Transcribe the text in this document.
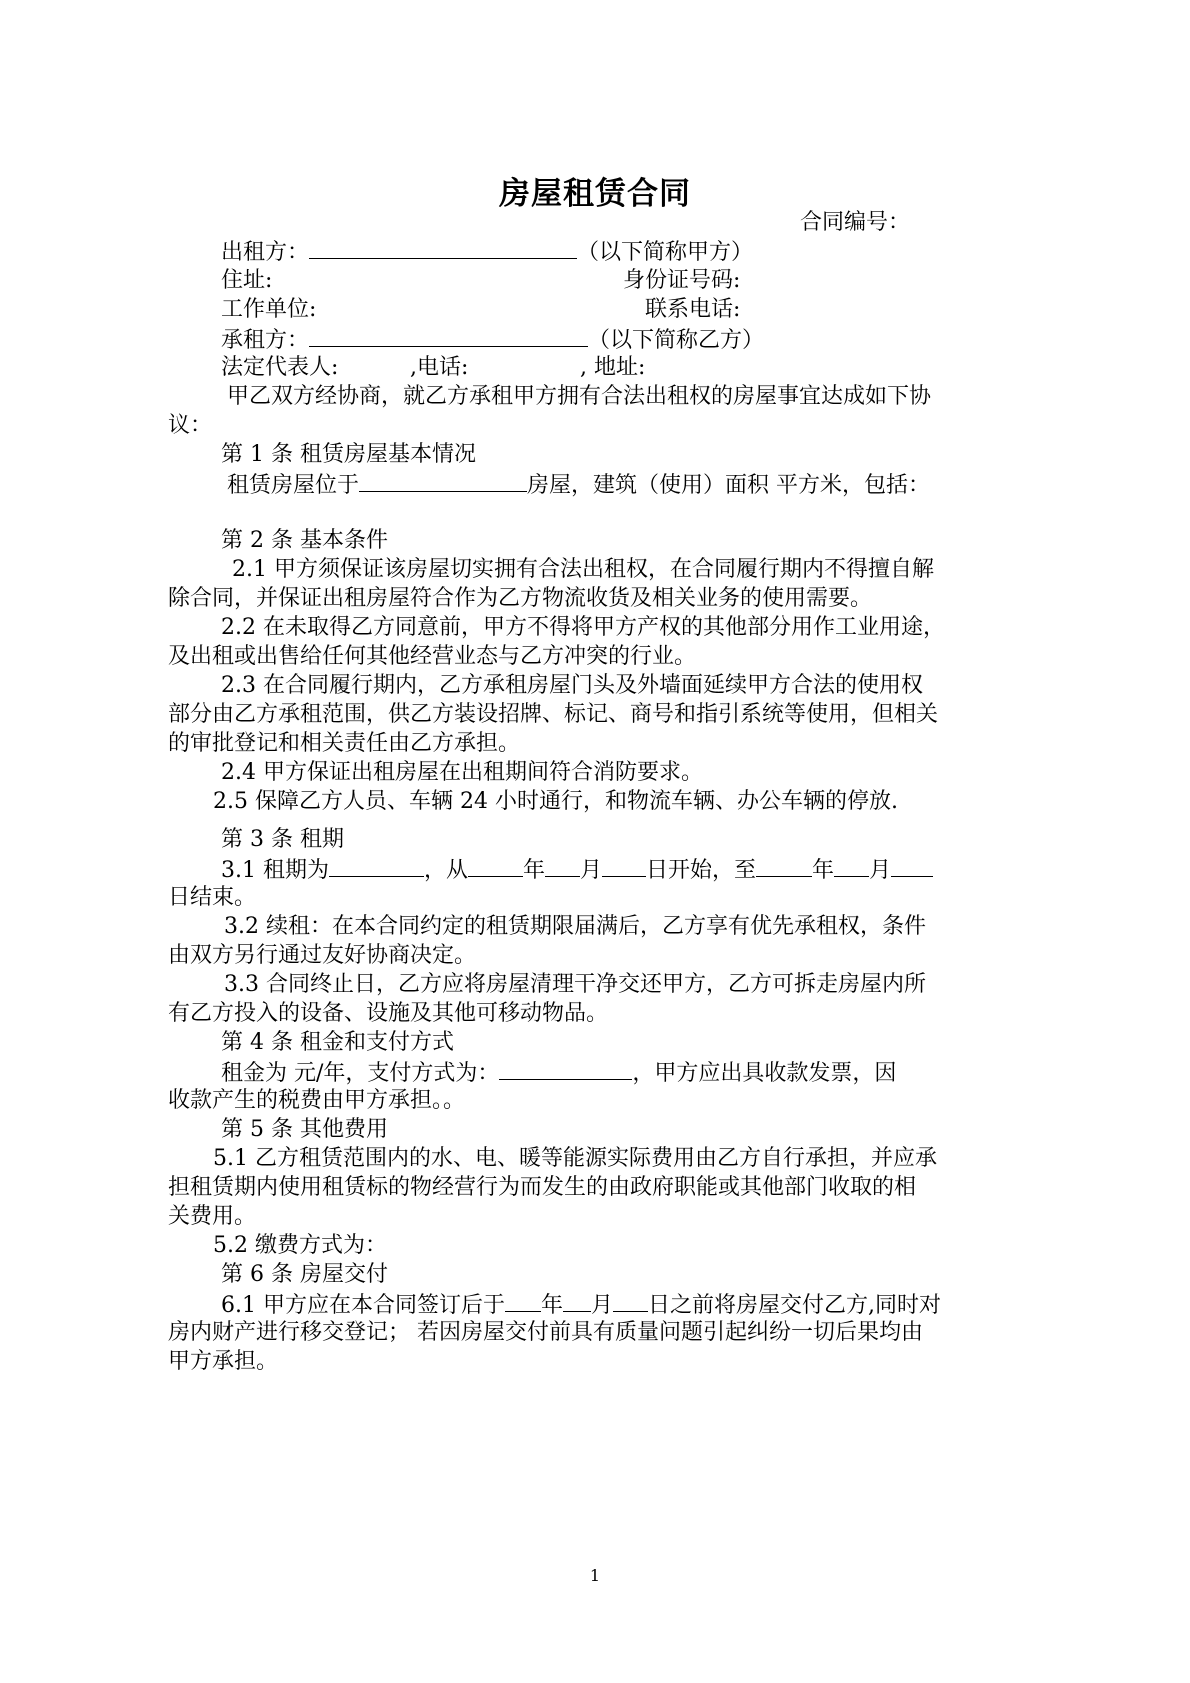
房屋租赁合同
合同编号：
出租方：	（以下简称甲方）
住址:	身份证号码:
工作单位:	联系电话:
承租方：	（以下简称乙方）
法定代表人:	,电话:	, 地址:
甲乙双方经协商，就乙方承租甲方拥有合法出租权的房屋事宜达成如下协
议：
第 1 条 租赁房屋基本情况
租赁房屋位于	房屋，建筑（使用）面积 平方米，包括：
第 2 条 基本条件
2.1 甲方须保证该房屋切实拥有合法出租权，在合同履行期内不得擅自解
除合同，并保证出租房屋符合作为乙方物流收货及相关业务的使用需要。
2.2 在未取得乙方同意前，甲方不得将甲方产权的其他部分用作工业用途，
及出租或出售给任何其他经营业态与乙方冲突的行业。
2.3 在合同履行期内，乙方承租房屋门头及外墙面延续甲方合法的使用权
部分由乙方承租范围，供乙方装设招牌、标记、商号和指引系统等使用，但相关
的审批登记和相关责任由乙方承担。
2.4 甲方保证出租房屋在出租期间符合消防要求。
2.5 保障乙方人员、车辆 24 小时通行，和物流车辆、办公车辆的停放.
第 3 条 租期
3.1 租期为	，从	年 月 日开始，至	年 月
日结束。
3.2 续租：在本合同约定的租赁期限届满后，乙方享有优先承租权，条件
由双方另行通过友好协商决定。
3.3 合同终止日，乙方应将房屋清理干净交还甲方，乙方可拆走房屋内所
有乙方投入的设备、设施及其他可移动物品。
第 4 条 租金和支付方式
租金为 元/年，支付方式为：	，甲方应出具收款发票，因
收款产生的税费由甲方承担。。
第 5 条 其他费用
5.1 乙方租赁范围内的水、电、暖等能源实际费用由乙方自行承担，并应承
担租赁期内使用租赁标的物经营行为而发生的由政府职能或其他部门收取的相
关费用。
5.2 缴费方式为：
第 6 条 房屋交付
6.1 甲方应在本合同签订后于 年 月 日之前将房屋交付乙方,同时对
房内财产进行移交登记； 若因房屋交付前具有质量问题引起纠纷一切后果均由
甲方承担。
1
